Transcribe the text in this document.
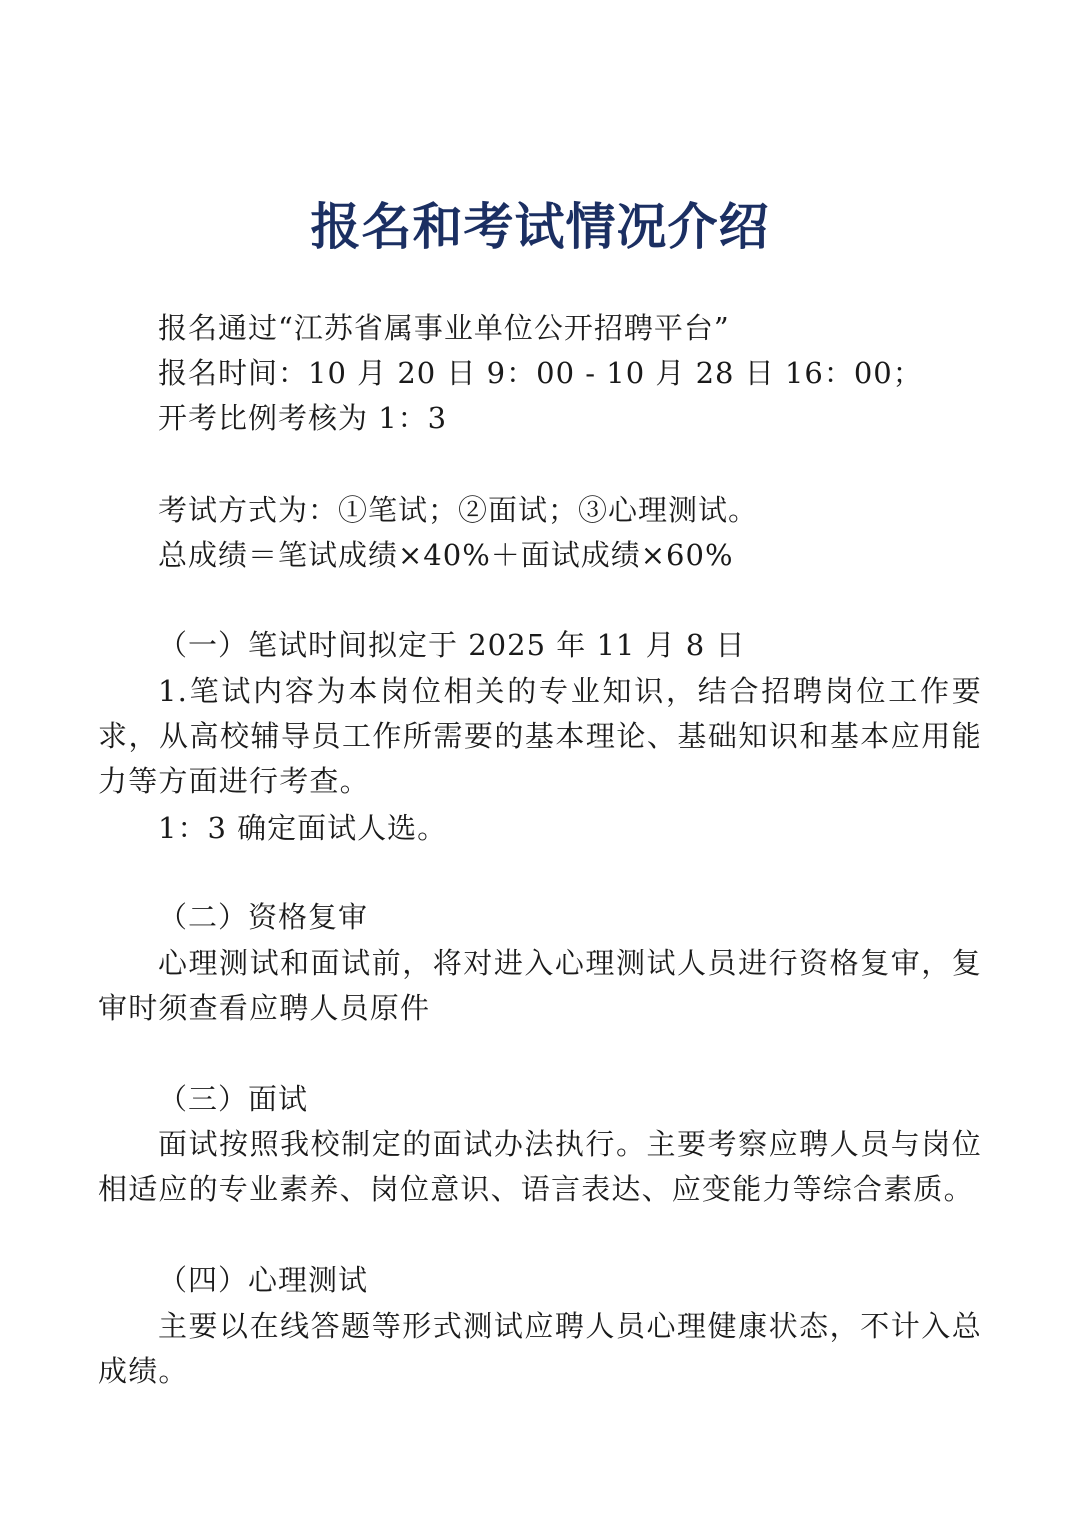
报名和考试情况介绍
报名通过“江苏省属事业单位公开招聘平台”
报名时间：10 月 20 日 9：00 - 10 月 28 日 16：00；
开考比例考核为 1：3
考试方式为：①笔试；②面试；③心理测试。
总成绩＝笔试成绩×40%＋面试成绩×60%
（一）笔试时间拟定于 2025 年 11 月 8 日
1.笔试内容为本岗位相关的专业知识，结合招聘岗位工作要求，从高校辅导员工作所需要的基本理论、基础知识和基本应用能力等方面进行考查。
1：3 确定面试人选。
（二）资格复审
心理测试和面试前，将对进入心理测试人员进行资格复审，复审时须查看应聘人员原件
（三）面试
面试按照我校制定的面试办法执行。主要考察应聘人员与岗位相适应的专业素养、岗位意识、语言表达、应变能力等综合素质。
（四）心理测试
主要以在线答题等形式测试应聘人员心理健康状态，不计入总成绩。
